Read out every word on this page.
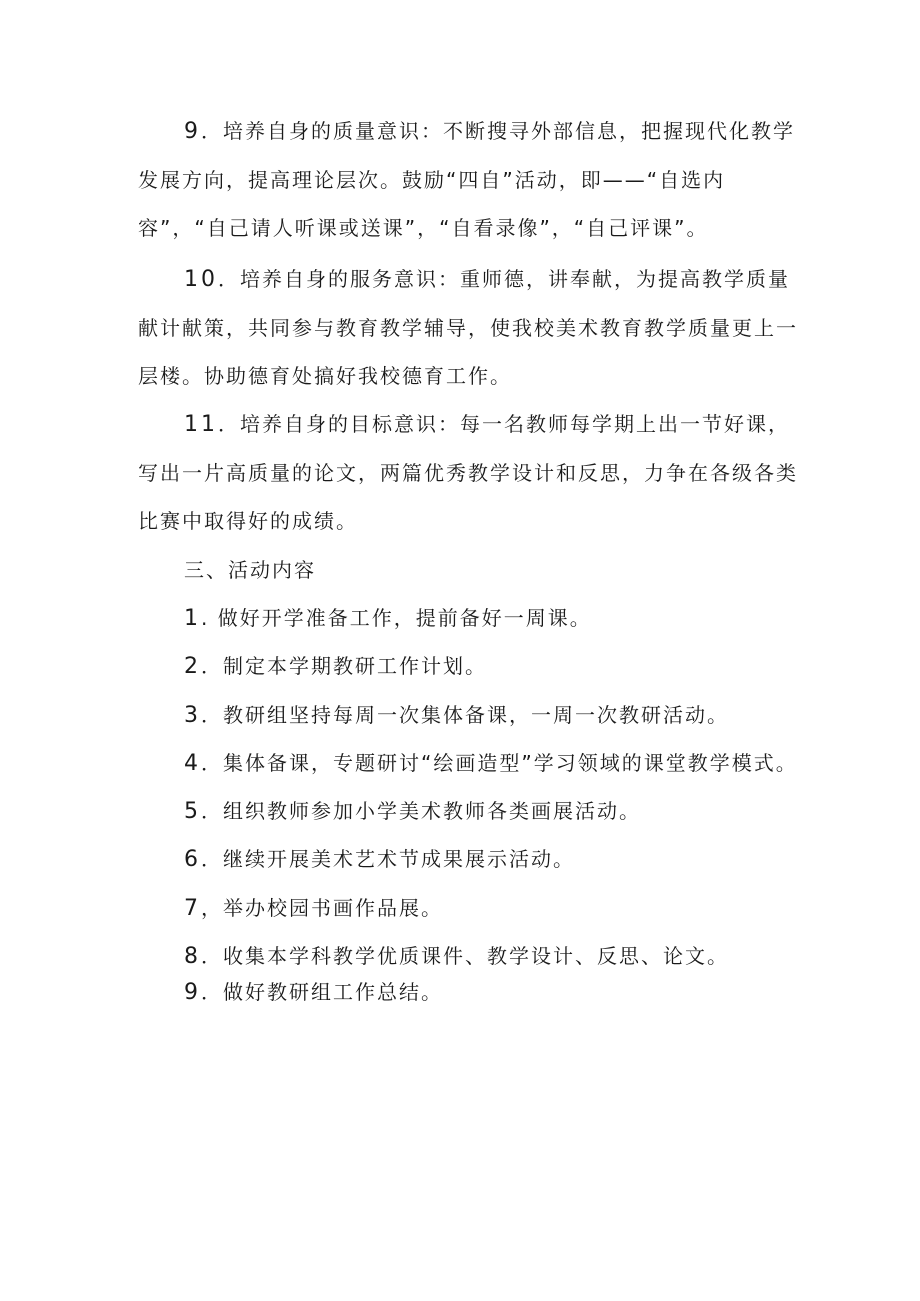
9．培养自身的质量意识：不断搜寻外部信息，把握现代化教学发展方向，提高理论层次。鼓励“四自”活动，即——“自选内容”，“自己请人听课或送课”，“自看录像”，“自己评课”。

10．培养自身的服务意识：重师德，讲奉献，为提高教学质量献计献策，共同参与教育教学辅导，使我校美术教育教学质量更上一层楼。协助德育处搞好我校德育工作。

11．培养自身的目标意识：每一名教师每学期上出一节好课，写出一片高质量的论文，两篇优秀教学设计和反思，力争在各级各类比赛中取得好的成绩。

三、活动内容

1. 做好开学准备工作，提前备好一周课。

2．制定本学期教研工作计划。

3．教研组坚持每周一次集体备课，一周一次教研活动。

4．集体备课，专题研讨“绘画造型”学习领域的课堂教学模式。

5．组织教师参加小学美术教师各类画展活动。

6．继续开展美术艺术节成果展示活动。

7，举办校园书画作品展。

8．收集本学科教学优质课件、教学设计、反思、论文。

9．做好教研组工作总结。
